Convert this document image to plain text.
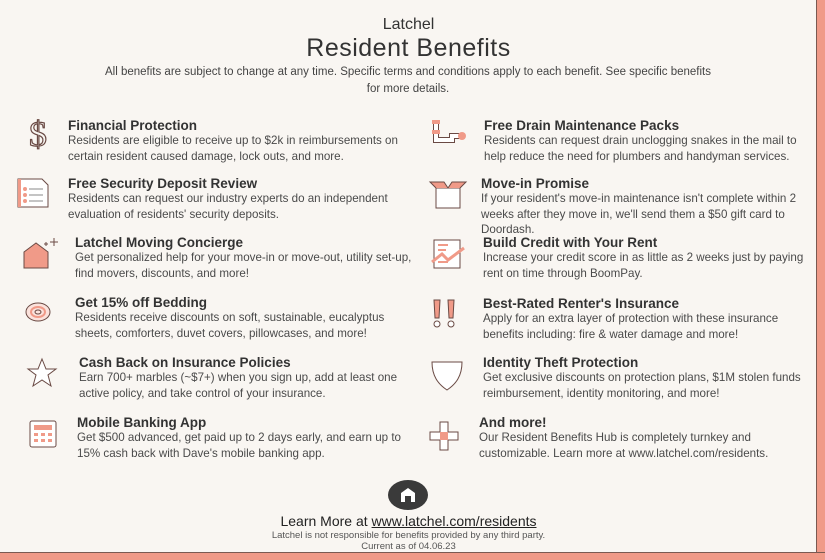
Latchel
Resident Benefits
All benefits are subject to change at any time. Specific terms and conditions apply to each benefit. See specific benefits for more details.
$ Financial Protection

Residents are eligible to receive up to $2k in reimbursements on certain resident caused damage, lock outs, and more.

Free Security Deposit Review

Residents can request our industry experts do an independent evaluation of residents' security deposits.

Latchel Moving Concierge

Get personalized help for your move-in or move-out, utility set-up, find movers, discounts, and more!

Get 15% off Bedding

Residents receive discounts on soft, sustainable, eucalyptus sheets, comforters, duvet covers, pillowcases, and more!

Cash Back on Insurance Policies

Earn 700+ marbles (~$7+) when you sign up, add at least one active policy, and take control of your insurance.

Mobile Banking App

Get $500 advanced, get paid up to 2 days early, and earn up to 15% cash back with Dave's mobile banking app.

Free Drain Maintenance Packs

Residents can request drain unclogging snakes in the mail to help reduce the need for plumbers and handyman services.

Move-in Promise

If your resident's move-in maintenance isn't complete within 2 weeks after they move in, we'll send them a $50 gift card to Doordash.

Build Credit with Your Rent

Increase your credit score in as little as 2 weeks just by paying rent on time through BoomPay.

Best-Rated Renter's Insurance

Apply for an extra layer of protection with these insurance benefits including: fire & water damage and more!

Identity Theft Protection

Get exclusive discounts on protection plans, $1M stolen funds reimbursement, identity monitoring, and more!

And more!

Our Resident Benefits Hub is completely turnkey and customizable. Learn more at www.latchel.com/residents.

Learn More at www.latchel.com/residents
Latchel is not responsible for benefits provided by any third party.
Current as of 04.06.23
